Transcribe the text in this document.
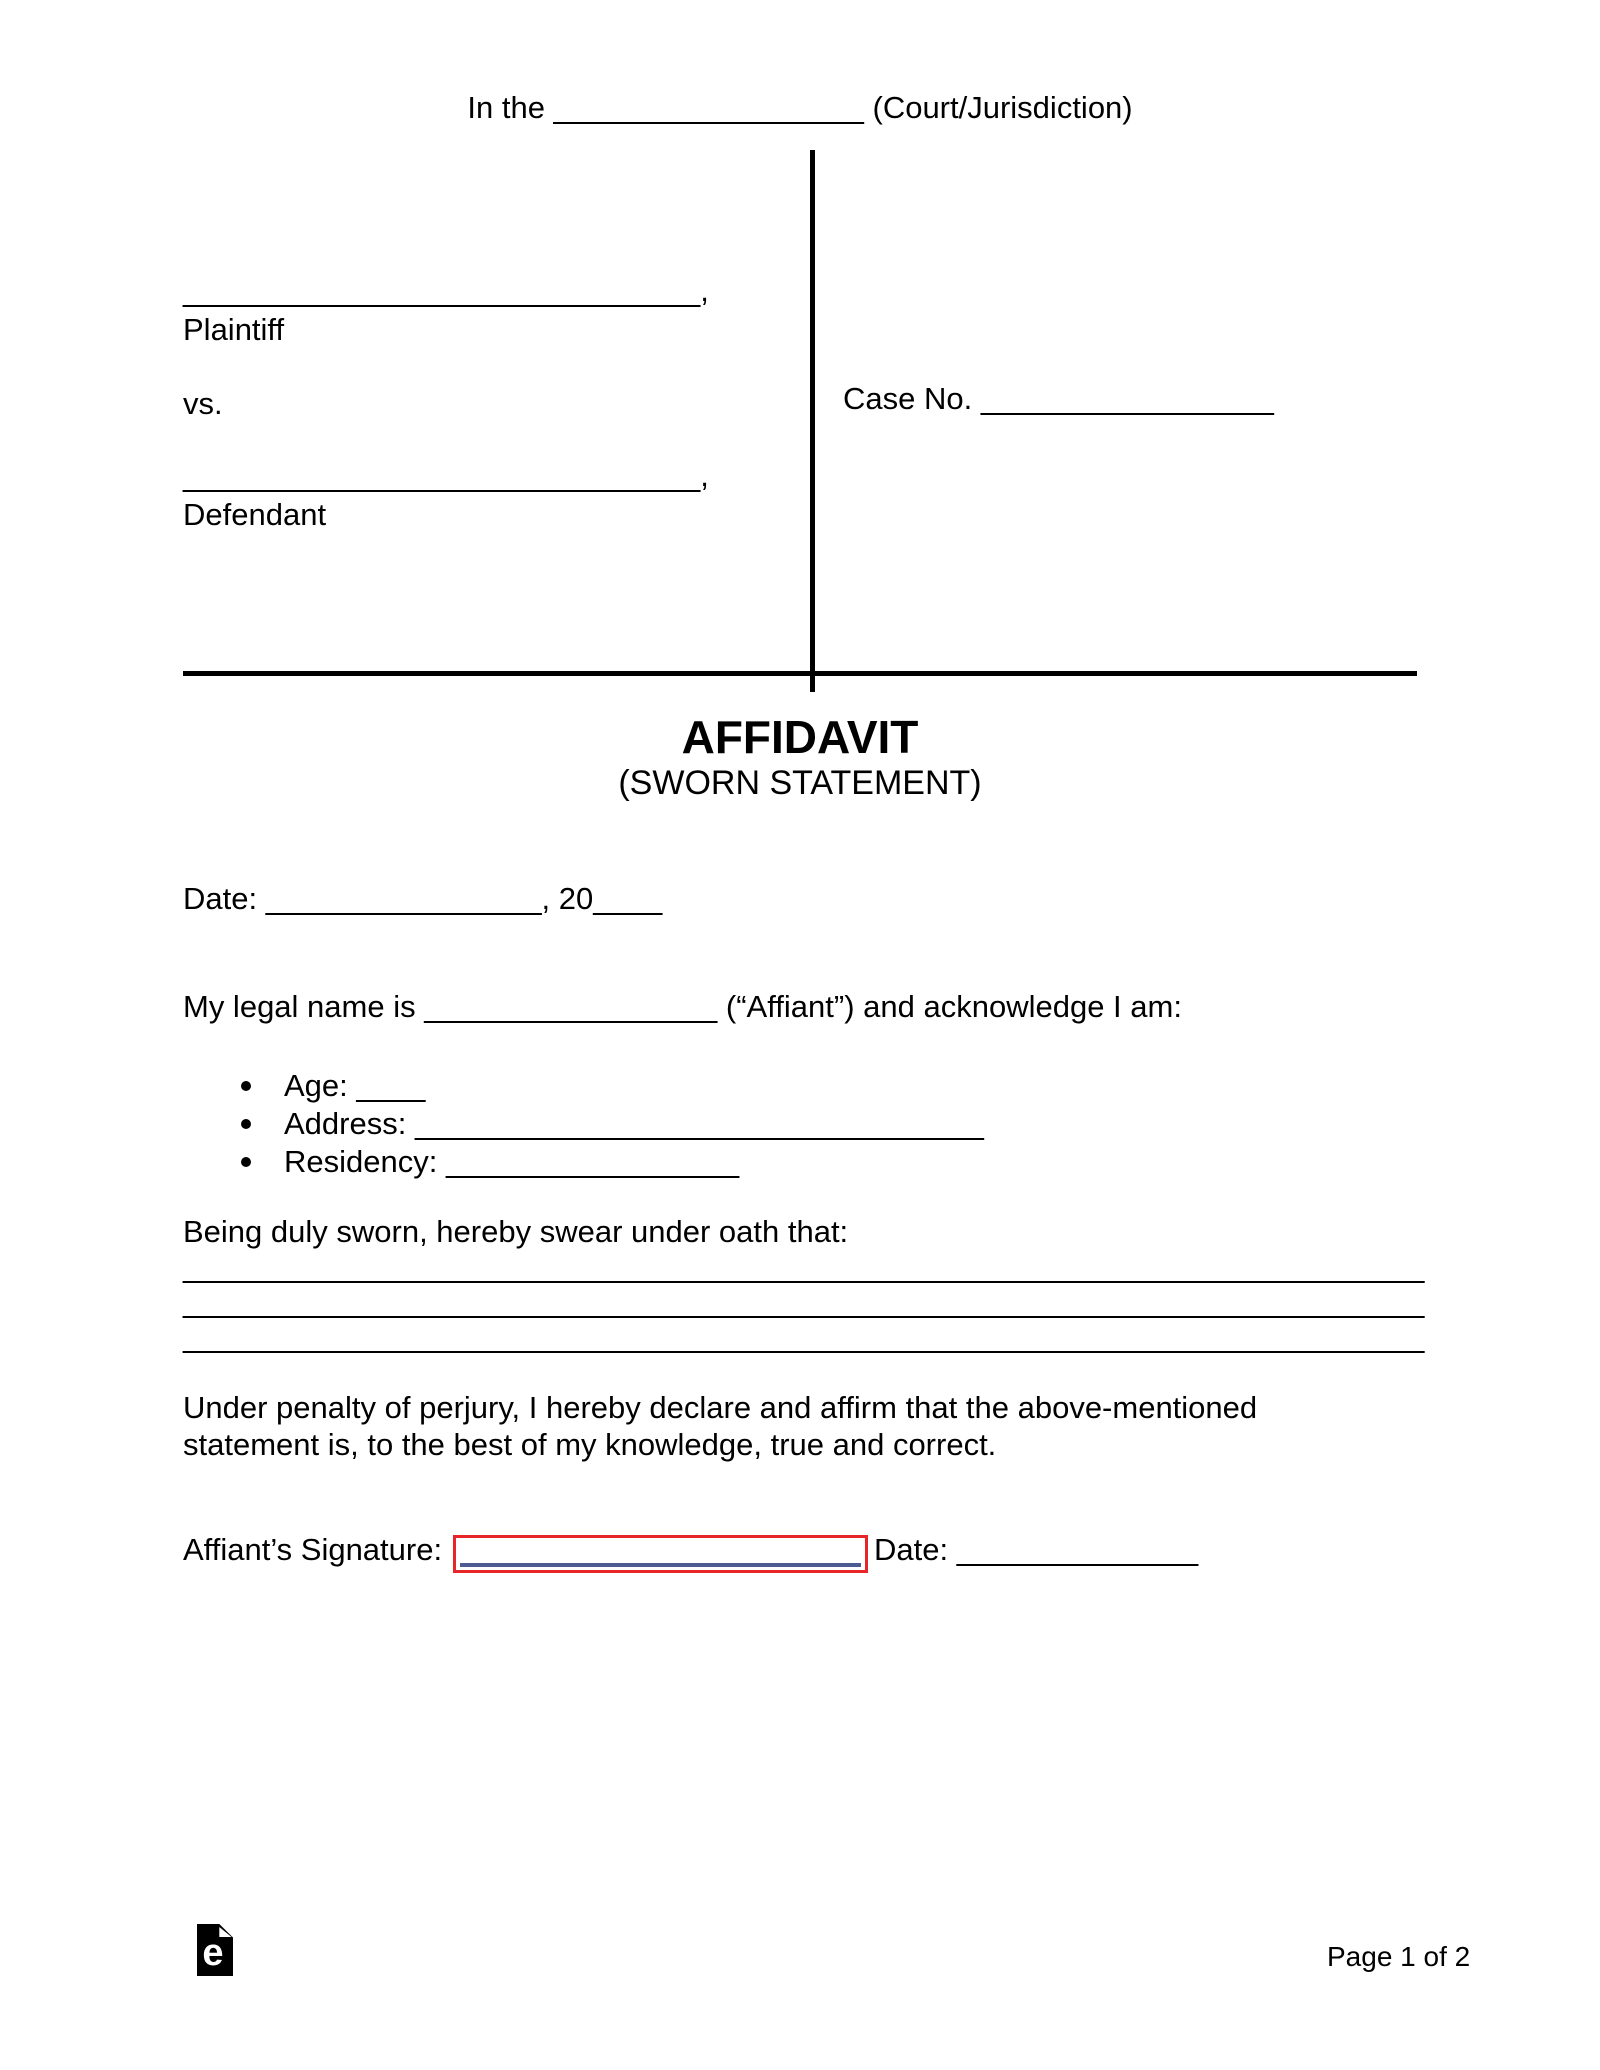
In the __________________ (Court/Jurisdiction)
______________________________,
Plaintiff
vs.
______________________________,
Defendant
Case No. _________________
AFFIDAVIT
(SWORN STATEMENT)
Date: ________________, 20____
My legal name is _________________ (“Affiant”) and acknowledge I am:
Age: ____
Address: _________________________________
Residency: _________________
Being duly sworn, hereby swear under oath that:
________________________________________________________________________
________________________________________________________________________
________________________________________________________________________
Under penalty of perjury, I hereby declare and affirm that the above-mentioned
statement is, to the best of my knowledge, true and correct.
Affiant’s Signature:	Date: ______________
e	Page 1 of 2
